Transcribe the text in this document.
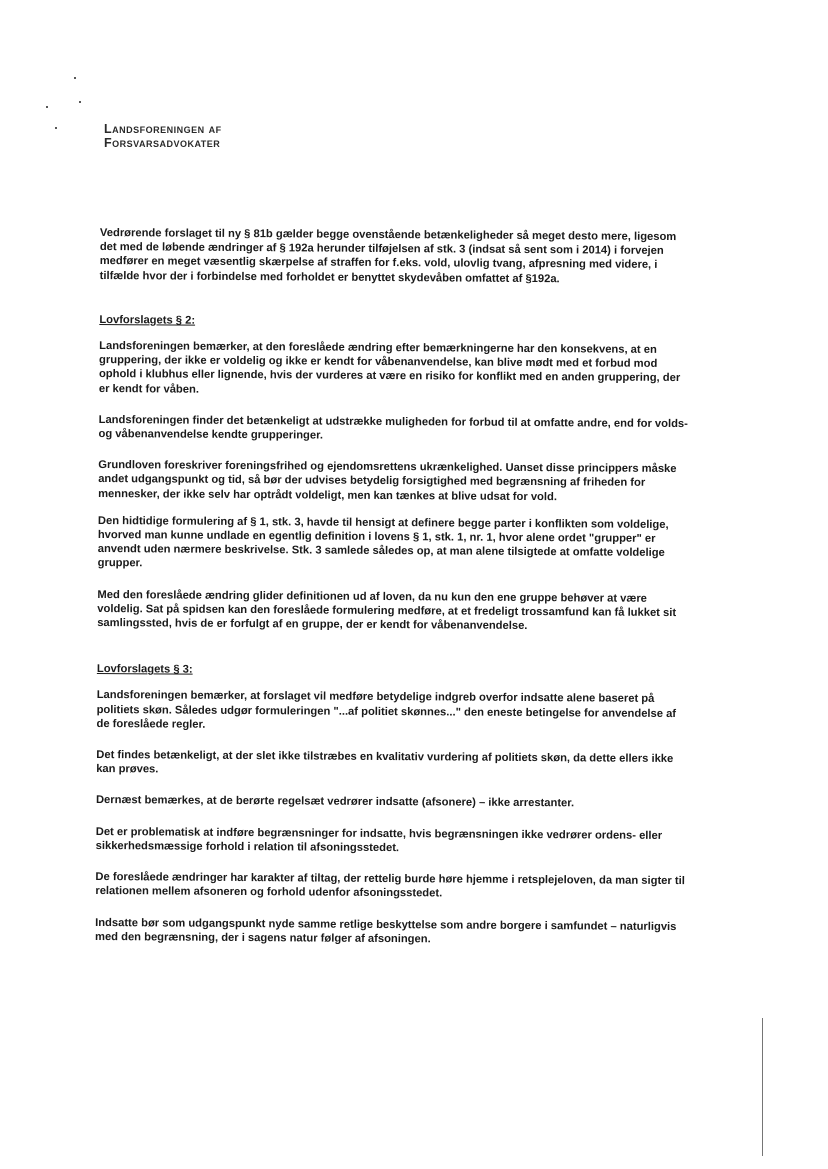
Landsforeningen af
Forsvarsadvokater

Vedrørende forslaget til ny § 81b gælder begge ovenstående betænkeligheder så meget desto mere, ligesom det med de løbende ændringer af § 192a herunder tilføjelsen af stk. 3 (indsat så sent som i 2014) i forvejen medfører en meget væsentlig skærpelse af straffen for f.eks. vold, ulovlig tvang, afpresning med videre, i tilfælde hvor der i forbindelse med forholdet er benyttet skydevåben omfattet af §192a.

Lovforslagets § 2:

Landsforeningen bemærker, at den foreslåede ændring efter bemærkningerne har den konsekvens, at en gruppering, der ikke er voldelig og ikke er kendt for våbenanvendelse, kan blive mødt med et forbud mod ophold i klubhus eller lignende, hvis der vurderes at være en risiko for konflikt med en anden gruppering, der er kendt for våben.

Landsforeningen finder det betænkeligt at udstrække muligheden for forbud til at omfatte andre, end for volds- og våbenanvendelse kendte grupperinger.

Grundloven foreskriver foreningsfrihed og ejendomsrettens ukrænkelighed. Uanset disse princippers måske andet udgangspunkt og tid, så bør der udvises betydelig forsigtighed med begrænsning af friheden for mennesker, der ikke selv har optrådt voldeligt, men kan tænkes at blive udsat for vold.

Den hidtidige formulering af § 1, stk. 3, havde til hensigt at definere begge parter i konflikten som voldelige, hvorved man kunne undlade en egentlig definition i lovens § 1, stk. 1, nr. 1, hvor alene ordet "grupper" er anvendt uden nærmere beskrivelse. Stk. 3 samlede således op, at man alene tilsigtede at omfatte voldelige grupper.

Med den foreslåede ændring glider definitionen ud af loven, da nu kun den ene gruppe behøver at være voldelig. Sat på spidsen kan den foreslåede formulering medføre, at et fredeligt trossamfund kan få lukket sit samlingssted, hvis de er forfulgt af en gruppe, der er kendt for våbenanvendelse.

Lovforslagets § 3:

Landsforeningen bemærker, at forslaget vil medføre betydelige indgreb overfor indsatte alene baseret på politiets skøn. Således udgør formuleringen "...af politiet skønnes..." den eneste betingelse for anvendelse af de foreslåede regler.

Det findes betænkeligt, at der slet ikke tilstræbes en kvalitativ vurdering af politiets skøn, da dette ellers ikke kan prøves.

Dernæst bemærkes, at de berørte regelsæt vedrører indsatte (afsonere) – ikke arrestanter.

Det er problematisk at indføre begrænsninger for indsatte, hvis begrænsningen ikke vedrører ordens- eller sikkerhedsmæssige forhold i relation til afsoningsstedet.

De foreslåede ændringer har karakter af tiltag, der rettelig burde høre hjemme i retsplejeloven, da man sigter til relationen mellem afsoneren og forhold udenfor afsoningsstedet.

Indsatte bør som udgangspunkt nyde samme retlige beskyttelse som andre borgere i samfundet – naturligvis med den begrænsning, der i sagens natur følger af afsoningen.
